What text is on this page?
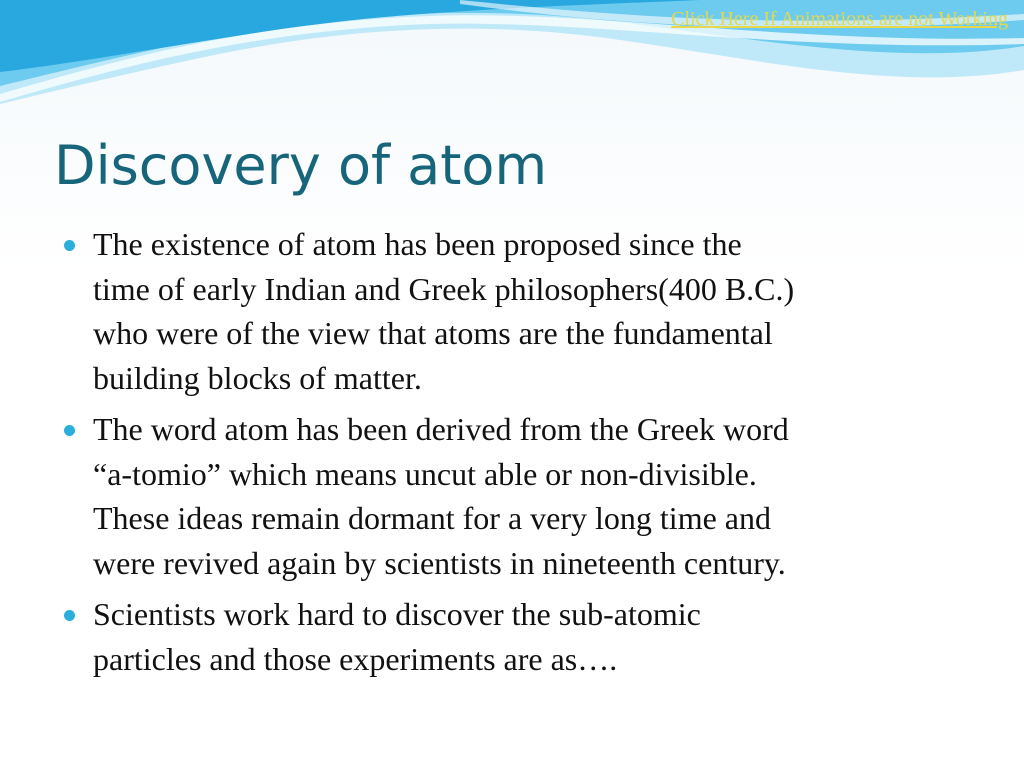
Click Here If Animations are not Working
Discovery of atom
The existence of atom has been proposed since the
time of early Indian and Greek philosophers(400 B.C.)
who were of the view that atoms are the fundamental
building blocks of matter.
The word atom has been derived from the Greek word
“a-tomio” which means uncut able or non-divisible.
These ideas remain dormant for a very long time and
were revived again by scientists in nineteenth century.
Scientists work hard to discover the sub-atomic
particles and those experiments are as….
